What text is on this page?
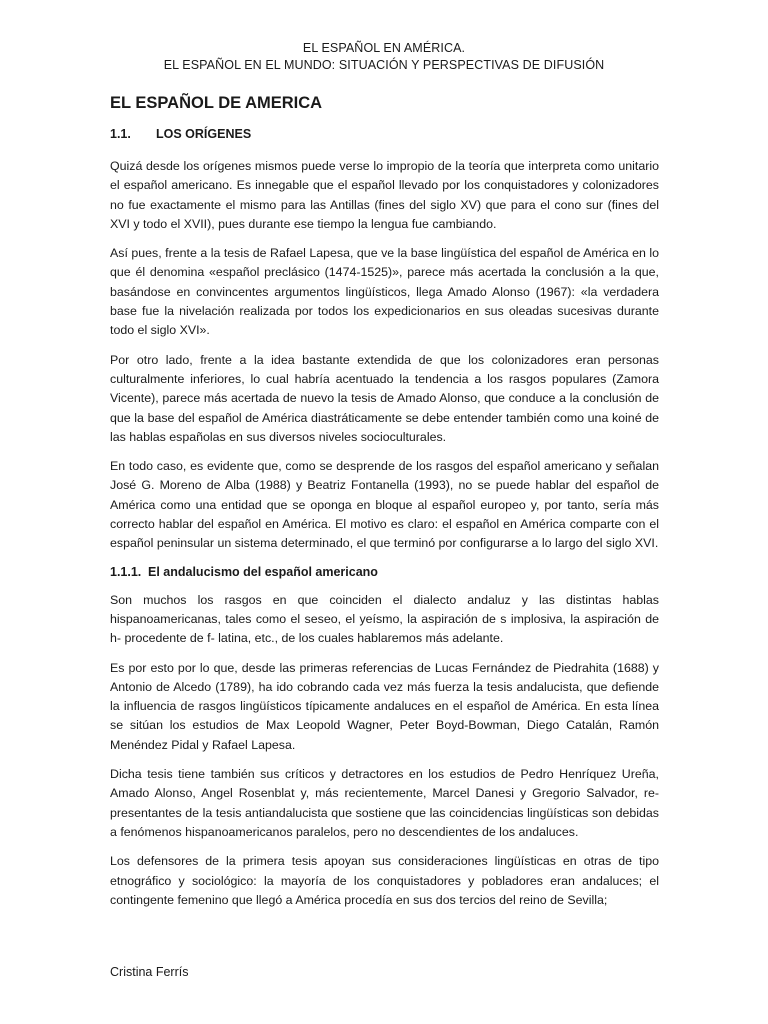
EL ESPAÑOL EN AMÉRICA.
EL ESPAÑOL EN EL MUNDO: SITUACIÓN Y PERSPECTIVAS DE DIFUSIÓN
EL ESPAÑOL DE AMERICA
1.1.	LOS ORÍGENES

Quizá desde los orígenes mismos puede verse lo impropio de la teoría que interpreta como unitario el español americano. Es innegable que el español llevado por los conquistadores y colonizadores no fue exactamente el mismo para las Antillas (fines del siglo XV) que para el cono sur (fines del XVI y todo el XVII), pues durante ese tiempo la lengua fue cambiando.

Así pues, frente a la tesis de Rafael Lapesa, que ve la base lingüística del español de América en lo que él denomina «español preclásico (1474-1525)», parece más acertada la conclusión a la que, basándose en convincentes argumentos lingüísticos, llega Amado Alonso (1967): «la verdadera base fue la nivelación realizada por todos los expedicionarios en sus oleadas sucesivas durante todo el siglo XVI».

Por otro lado, frente a la idea bastante extendida de que los colonizadores eran personas culturalmente inferiores, lo cual habría acentuado la tendencia a los rasgos populares (Zamora Vicente), parece más acertada de nuevo la tesis de Amado Alonso, que conduce a la conclusión de que la base del español de América diastráticamente se debe entender también como una koiné de las hablas españolas en sus diversos niveles socioculturales.

En todo caso, es evidente que, como se desprende de los rasgos del español americano y señalan José G. Moreno de Alba (1988) y Beatriz Fontanella (1993), no se puede hablar del español de América como una entidad que se oponga en bloque al español europeo y, por tanto, sería más correcto hablar del español en América. El motivo es claro: el español en América comparte con el español peninsular un sistema determinado, el que terminó por configurarse a lo largo del siglo XVI.

1.1.1. El andalucismo del español americano

Son muchos los rasgos en que coinciden el dialecto andaluz y las distintas hablas hispanoamericanas, tales como el seseo, el yeísmo, la aspiración de s implosiva, la aspiración de h- procedente de f- latina, etc., de los cuales hablaremos más adelante.

Es por esto por lo que, desde las primeras referencias de Lucas Fernández de Piedrahita (1688) y Antonio de Alcedo (1789), ha ido cobrando cada vez más fuerza la tesis andalucista, que defiende la influencia de rasgos lingüísticos típicamente andaluces en el español de América. En esta línea se sitúan los estudios de Max Leopold Wagner, Peter Boyd-Bowman, Diego Catalán, Ramón Menéndez Pidal y Rafael Lapesa.

Dicha tesis tiene también sus críticos y detractores en los estudios de Pedro Henríquez Ureña, Amado Alonso, Angel Rosenblat y, más recientemente, Marcel Danesi y Gregorio Salvador, re-presentantes de la tesis antiandalucista que sostiene que las coincidencias lingüísticas son debidas a fenómenos hispanoamericanos paralelos, pero no descendientes de los andaluces.

Los defensores de la primera tesis apoyan sus consideraciones lingüísticas en otras de tipo etnográfico y sociológico: la mayoría de los conquistadores y pobladores eran andaluces; el contingente femenino que llegó a América procedía en sus dos tercios del reino de Sevilla;

Cristina Ferrís
